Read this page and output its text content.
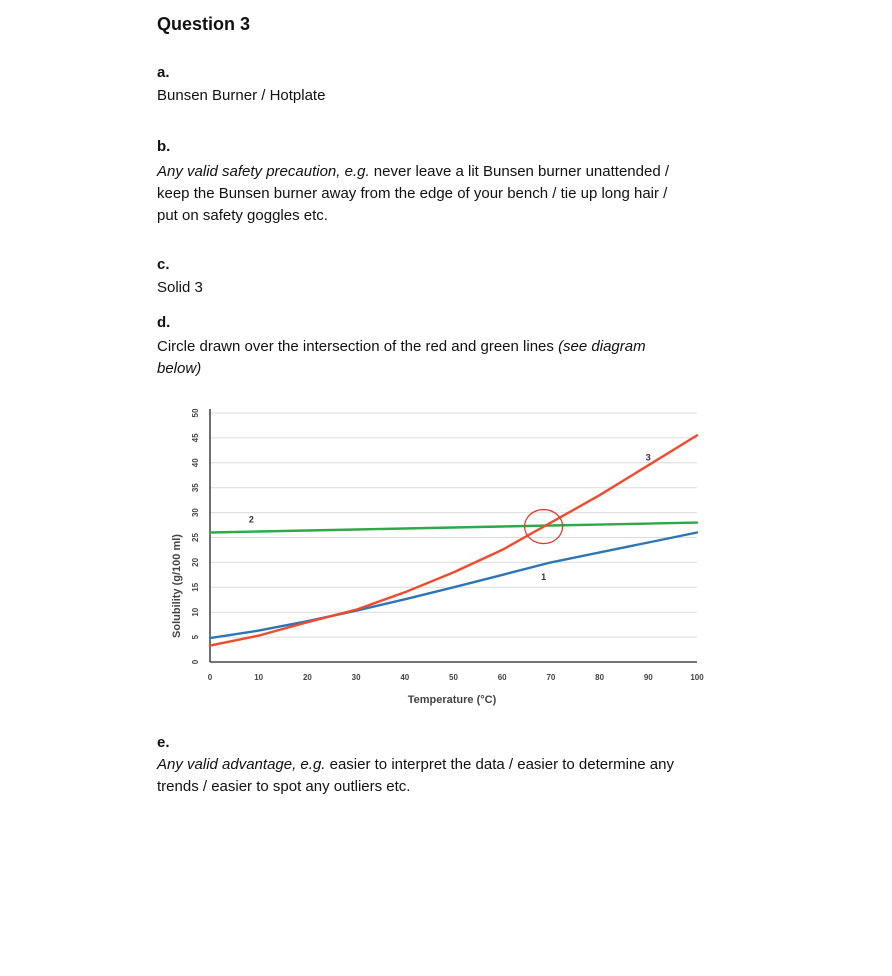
Question 3
a.
Bunsen Burner / Hotplate
b.
Any valid safety precaution, e.g. never leave a lit Bunsen burner unattended /
keep the Bunsen burner away from the edge of your bench / tie up long hair /
put on safety goggles etc.
c.
Solid 3
d.
Circle drawn over the intersection of the red and green lines (see diagram
below)
0
5
10
15
20
25
30
35
40
45
50
0	10	20	30	40	50	60	70	80	90	100
1
2
3
Temperature (°C)
Solubility (g/100 ml)
e.
Any valid advantage, e.g. easier to interpret the data / easier to determine any
trends / easier to spot any outliers etc.
